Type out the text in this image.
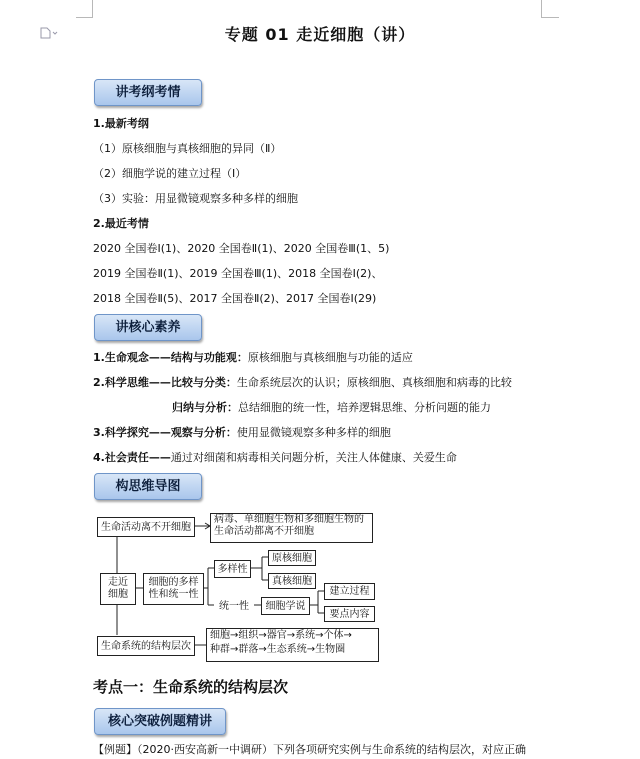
专题 01 走近细胞（讲）
讲考纲考情
1.最新考纲
（1）原核细胞与真核细胞的异同（Ⅱ）
（2）细胞学说的建立过程（Ⅰ）
（3）实验：用显微镜观察多种多样的细胞
2.最近考情
2020 全国卷Ⅰ(1)、2020 全国卷Ⅱ(1)、2020 全国卷Ⅲ(1、5)
2019 全国卷Ⅱ(1)、2019 全国卷Ⅲ(1)、2018 全国卷Ⅰ(2)、
2018 全国卷Ⅱ(5)、2017 全国卷Ⅱ(2)、2017 全国卷Ⅰ(29)
讲核心素养
1.生命观念——结构与功能观：原核细胞与真核细胞与功能的适应
2.科学思维——比较与分类：生命系统层次的认识；原核细胞、真核细胞和病毒的比较
归纳与分析：总结细胞的统一性，培养逻辑思维、分析问题的能力
3.科学探究——观察与分析：使用显微镜观察多种多样的细胞
4.社会责任——通过对细菌和病毒相关问题分析，关注人体健康、关爱生命
构思维导图
生命活动离不开细胞
病毒、单细胞生物和多细胞生物的
生命活动都离不开细胞
走近
细胞
细胞的多样
性和统一性
多样性
原核细胞
真核细胞
统一性	细胞学说
建立过程
要点内容
生命系统的结构层次
细胞→组织→器官→系统→个体→
种群→群落→生态系统→生物圈
考点一：生命系统的结构层次
核心突破例题精讲
【例题】（2020·西安高新一中调研）下列各项研究实例与生命系统的结构层次，对应正确
